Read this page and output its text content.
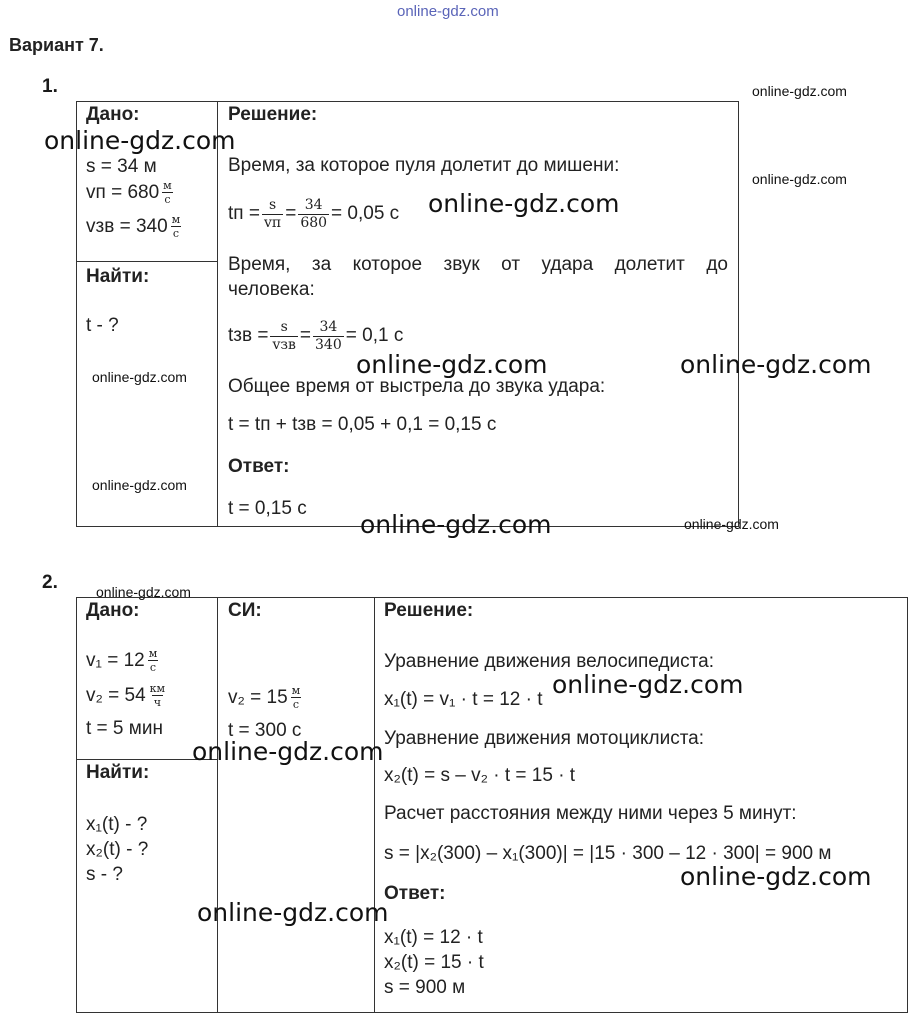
online-gdz.com
Вариант 7.
1.
Дано:
s = 34 м
vп = $680 \frac{м}{с}$
vзв = $340 \frac{м}{с}$
Найти:
t - ?
Решение:
Время, за которое пуля долетит до мишени:
tп = $\frac{s}{vп} = \frac{34}{680} = 0,05$ с
Время, за которое звук от удара долетит до
человека:
tзв = $\frac{s}{\text{vзв}} = \frac{34}{340} = 0,1$ с
Общее время от выстрела до звука удара:
t = tп + tзв = 0,05 + 0,1 = 0,15 с
Ответ:
t = 0,15 с
2.
Дано:
$v_1 = 12 \frac{м}{с}$
$v_2 = 54 \frac{км}{ч}$
t = 5 мин
Найти:
x₁(t) - ?
x₂(t) - ?
s - ?
СИ:
$v_2 = 15 \frac{м}{с}$
t = 300 с
Решение:
Уравнение движения велосипедиста:
x₁(t) = v₁ · t = 12 · t
Уравнение движения мотоциклиста:
x₂(t) = s – v₂ · t = 15 · t
Расчет расстояния между ними через 5 минут:
s = |x₂(300) – x₁(300)| = |15 · 300 – 12 · 300| = 900 м
Ответ:
x₁(t) = 12 · t
x₂(t) = 15 · t
s = 900 м
online-gdz.com
online-gdz.com
online-gdz.com
online-gdz.com
online-gdz.com	online-gdz.com
online-gdz.com
online-gdz.com
online-gdz.com	online-gdz.com
online-gdz.com
online-gdz.com
online-gdz.com
online-gdz.com
online-gdz.com
